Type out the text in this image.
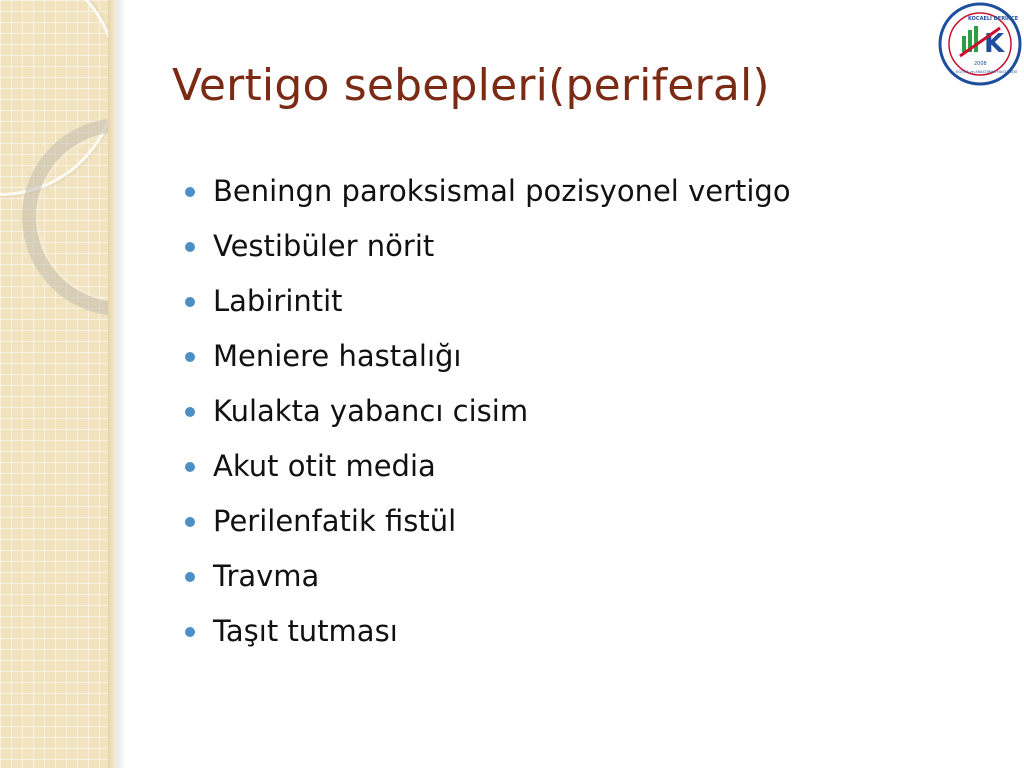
Vertigo sebepleri(periferal)
Beningn paroksismal pozisyonel vertigo
Vestibüler nörit
Labirintit
Meniere hastalığı
Kulakta yabancı cisim
Akut otit media
Perilenfatik fistül
Travma
Taşıt tutması
K
KOCAELİ DERİNCE
2008
EĞİTİM ve ARAŞTIRMA HASTANESİ
